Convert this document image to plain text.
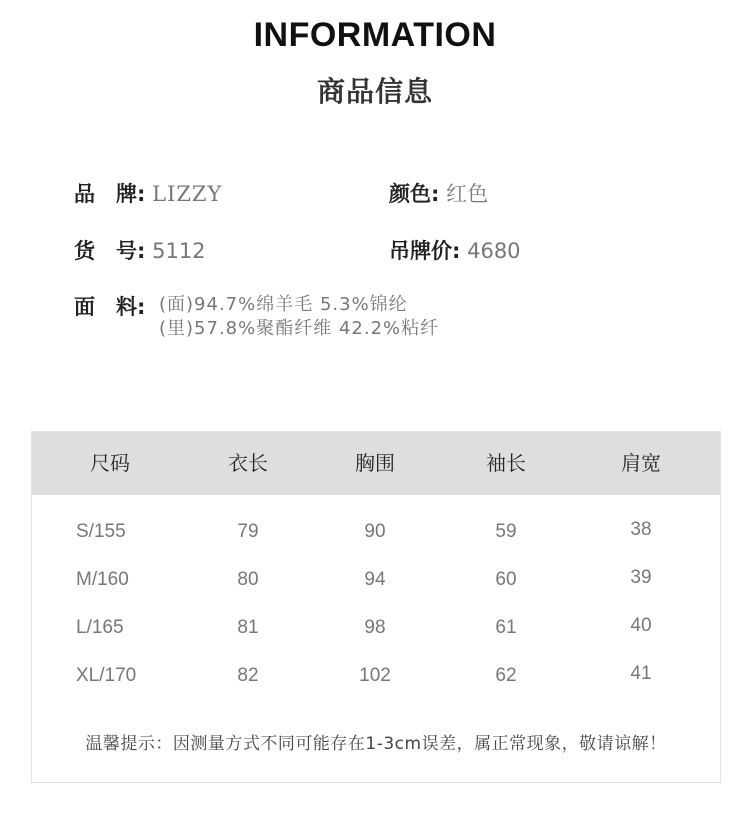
INFORMATION
商品信息
品　牌: LIZZY	颜色: 红色
货　号: 5112	吊牌价: 4680
面　料: (面)94.7%绵羊毛 5.3%锦纶
(里)57.8%聚酯纤维 42.2%粘纤
尺码	衣长	胸围	袖长	肩宽
S/155	79	90	59	38
M/160	80	94	60	39
L/165	81	98	61	40
XL/170	82	102	62	41
温馨提示：因测量方式不同可能存在1-3cm误差，属正常现象，敬请谅解！
